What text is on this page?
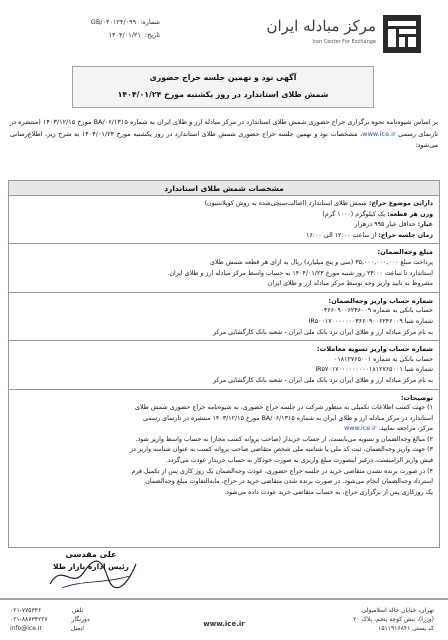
مرکز مبادله ایران
Iran Center For Exchange
شماره:
GB/۰۴۰۱۲۴/۰۹۹
تاریخ:
۱۴۰۴/۰۱/۲۱
آگهی نود و نهمین جلسه حراج حضوری
شمش طلای استاندارد در روز یکشنبه مورخ ۱۴۰۴/۰۱/۲۴
بر اساس شیوه‌نامه نحوه برگزاری حراج حضوری شمش طلای استاندارد در مرکز مبادله ارز و طلای ایران به شماره ۰۶/۱۳۱۵/BA مورخ ۱۴۰۳/۱۲/۱۵ (منتشره در تارنمای رسمی www.ice.ir، مشخصات نود و نهمین جلسه حراج حضوری شمش طلای استاندارد در روز یکشنبه مورخ ۱۴۰۴/۰۱/۲۴ به شرح زیر، اطلاع‌رسانی می‌شود:
مشخصات شمش طلای استاندارد
دارایی موضوع حراج: شمش طلای استاندارد (اصالت‌سنجی‌شده به روش کوپلاسیون)
وزن هر قطعه: یک کیلوگرم (۱۰۰۰ گرم)
عیار: حداقل عیار ۹۹۵ درهزار
زمان جلسه حراج: از ساعت ۱۲:۰۰ الی ۱۶:۰۰
مبلغ وجه‌الضمان:
پرداخت مبلغ ۳۵,۰۰۰,۰۰۰,۰۰۰ (سی و پنج میلیارد) ریال به ازای هر قطعه شمش طلای
استاندارد تا ساعت ۲۴:۰۰ روز شنبه مورخ ۱۴۰۴/۰۱/۲۳ به حساب واسط مرکز مبادله ارز و طلای ایران.
مشروط به تایید واریز وجه توسط مرکز مبادله ارز و طلای ایران
شماره حساب واریز وجه‌الضمان:
حساب بانکی به شماره ۰۳۶۶۰۹۰۰۶۲۴۶۰۰۹
شماره شبا IR۵۰۰۱۷۰۰۰۰۰۰۰۳۶۶۰۹۰۰۶۲۴۶۰۰۹
به نام مرکز مبادله ارز و طلای ایران نزد بانک ملی ایران - شعبه بانک کارگشایی مرکز
شماره حساب واریز تسویه معاملات:
حساب بانکی به شماره ۰۱۸۱۲۷۶۵۰۰۱
شماره شبا IR۵۷۰۱۷۰۰۰۰۰۰۰۰۰۱۸۱۲۷۶۵۰۰۱
به نام مرکز مبادله ارز و طلای ایران نزد بانک ملی ایران - شعبه بانک کارگشایی مرکز
توضیحات:
۱) جهت کسب اطلاعات تکمیلی به منظور شرکت در جلسه حراج حضوری، به شیوه‌نامه حراج حضوری شمش طلای
استاندارد در مرکز مبادله ارز و طلای ایران به شماره ۰۶/۱۳۱۵/BA مورخ ۱۴۰۳/۱۲/۱۵ منتشره در تارنمای رسمی
مرکز، مراجعه نمایید. www.ice.ir
۲) مبالغ وجه‌الضمان و تسویه می‌بایست، از حساب خریدار (صاحب پروانه کسب مجاز) به حساب واسط واریز شود.
۳) جهت واریز وجه‌الضمان، ثبت کد ملی یا شناسه ملی شخص متقاضی صاحب پروانه کسب به عنوان شناسه واریز در
فیش واریز الزامیست، درغیر اینصورت مبلغ واریزی به صورت خودکار به حساب خریدار عودت می‌گردد.
۴) در صورت برنده نشدن متقاضی خرید در جلسه حراج حضوری، عودت وجه‌الضمان یک روز کاری پس از تکمیل فرم
استرداد وجه‌الضمان انجام می‌شود. در صورت برنده شدن متقاضی خرید در حراج، ما‌به‌التفاوت مبلغ وجه‌الضمان
یک روزکاری پس از برگزاری حراج، به حساب متقاضی خرید عودت داده می‌شود.
علی مقدسی
رئیس اداره بازار طلا
تهران، خیابان خالد اسلامبولی
(وزرا)، نبش کوچه پنجم، پلاک ۲۰
کد پستی ۱۵۱۱۹۱۶۸۴۱
www.ice.ir
۰۲۱-۷۷۵۳۳۶	تلفن
۰۲۱-۸۸۷۳۴۲۲۷	دورنگار
info@ice.ir	ایمیل
